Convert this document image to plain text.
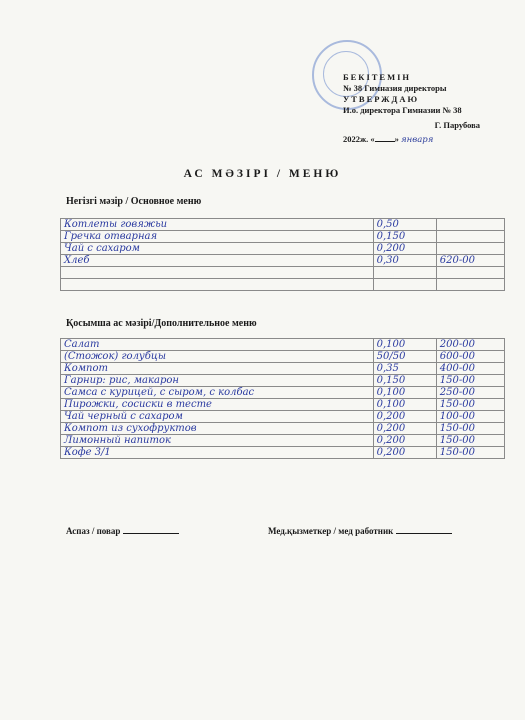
БЕКІТЕМІН
№ 38 Гимназия директоры
УТВЕРЖДАЮ
И.о. директора Гимназии № 38
Г. Парубова
2022ж. « » января
АС МӘЗІРІ / МЕНЮ
Негізгі мәзір / Основное меню
Котлеты говяжьи	0,50	
Гречка отварная	0,150	
Чай с сахаром	0,200	
Хлеб	0,30	620-00

Қосымша ас мәзірі/Дополнительное меню
Салат	0,100	200-00
(Стожок) голубцы	50/50	600-00
Компот	0,35	400-00
Гарнир: рис, макарон	0,150	150-00
Самса с курицей, с сыром, с колбас	0,100	250-00
Пирожки, сосиски в тесте	0,100	150-00
Чай черный с сахаром	0,200	100-00
Компот из сухофруктов	0,200	150-00
Лимонный напиток	0,200	150-00
Кофе 3/1	0,200	150-00
Аспаз / повар	Мед.қызметкер / мед работник
